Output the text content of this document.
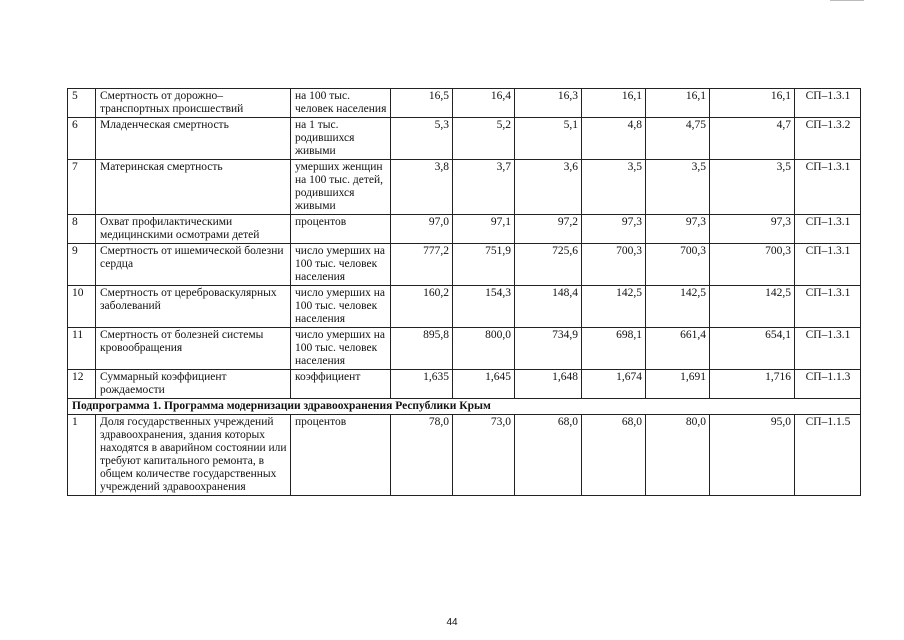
5	Смертность от дорожно–транспортных происшествий	на 100 тыс. человек населения	16,5	16,4	16,3	16,1	16,1	16,1	СП–1.3.1
6	Младенческая смертность	на 1 тыс. родившихся живыми	5,3	5,2	5,1	4,8	4,75	4,7	СП–1.3.2
7	Материнская смертность	умерших женщин на 100 тыс. детей, родившихся живыми	3,8	3,7	3,6	3,5	3,5	3,5	СП–1.3.1
8	Охват профилактическими медицинскими осмотрами детей	процентов	97,0	97,1	97,2	97,3	97,3	97,3	СП–1.3.1
9	Смертность от ишемической болезни сердца	число умерших на 100 тыс. человек населения	777,2	751,9	725,6	700,3	700,3	700,3	СП–1.3.1
10	Смертность от цереброваскулярных заболеваний	число умерших на 100 тыс. человек населения	160,2	154,3	148,4	142,5	142,5	142,5	СП–1.3.1
11	Смертность от болезней системы кровообращения	число умерших на 100 тыс. человек населения	895,8	800,0	734,9	698,1	661,4	654,1	СП–1.3.1
12	Суммарный коэффициент рождаемости	коэффициент	1,635	1,645	1,648	1,674	1,691	1,716	СП–1.1.3
Подпрограмма 1. Программа модернизации здравоохранения Республики Крым									
1	Доля государственных учреждений здравоохранения, здания которых находятся в аварийном состоянии или требуют капитального ремонта, в общем количестве государственных учреждений здравоохранения	процентов	78,0	73,0	68,0	68,0	80,0	95,0	СП–1.1.5
44
